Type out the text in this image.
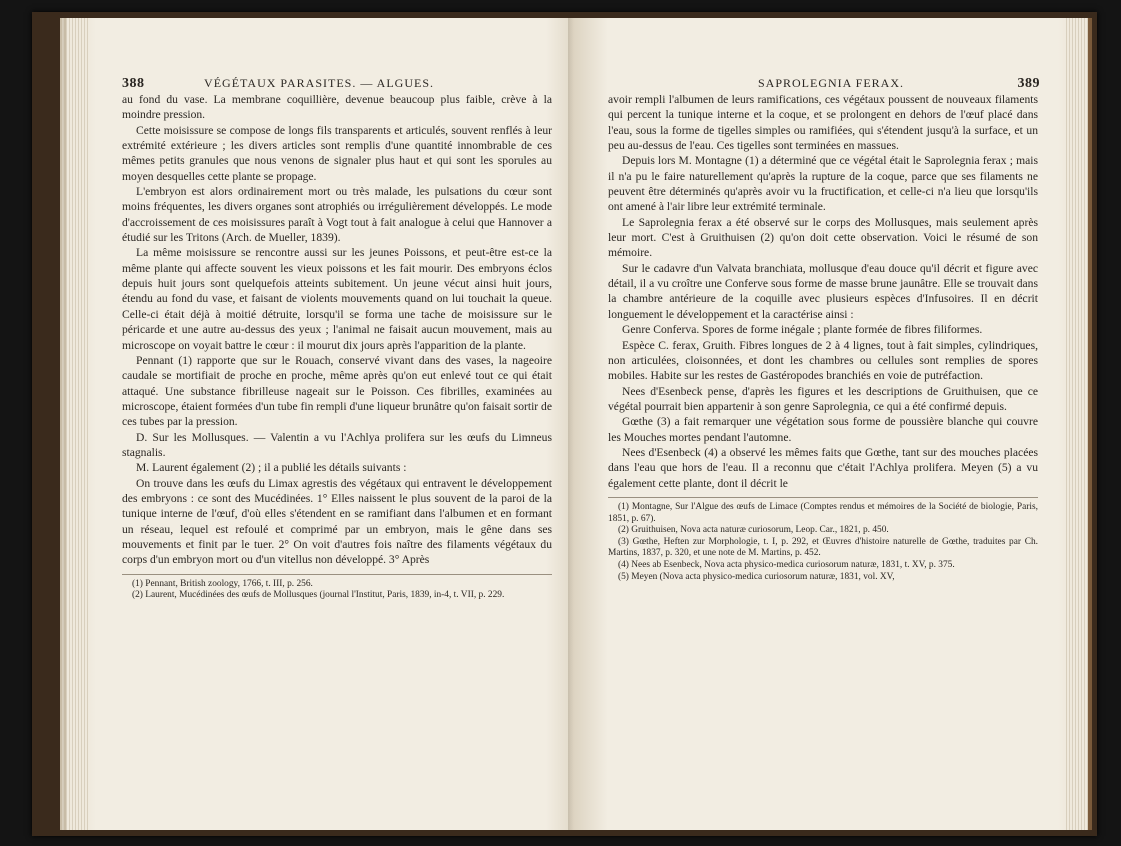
388	VÉGÉTAUX PARASITES. — ALGUES.

au fond du vase. La membrane coquillière, devenue beaucoup plus faible, crève à la moindre pression.

Cette moisissure se compose de longs fils transparents et articulés, souvent renflés à leur extrémité extérieure ; les divers articles sont remplis d'une quantité innombrable de ces mêmes petits granules que nous venons de signaler plus haut et qui sont les sporules au moyen desquelles cette plante se propage.

L'embryon est alors ordinairement mort ou très malade, les pulsations du cœur sont moins fréquentes, les divers organes sont atrophiés ou irrégulièrement développés. Le mode d'accroissement de ces moisissures paraît à Vogt tout à fait analogue à celui que Hannover a étudié sur les Tritons (Arch. de Mueller, 1839).

La même moisissure se rencontre aussi sur les jeunes Poissons, et peut-être est-ce la même plante qui affecte souvent les vieux poissons et les fait mourir. Des embryons éclos depuis huit jours sont quelquefois atteints subitement. Un jeune vécut ainsi huit jours, étendu au fond du vase, et faisant de violents mouvements quand on lui touchait la queue. Celle-ci était déjà à moitié détruite, lorsqu'il se forma une tache de moisissure sur le péricarde et une autre au-dessus des yeux ; l'animal ne faisait aucun mouvement, mais au microscope on voyait battre le cœur : il mourut dix jours après l'apparition de la plante.

Pennant (1) rapporte que sur le Rouach, conservé vivant dans des vases, la nageoire caudale se mortifiait de proche en proche, même après qu'on eut enlevé tout ce qui était attaqué. Une substance fibrilleuse nageait sur le Poisson. Ces fibrilles, examinées au microscope, étaient formées d'un tube fin rempli d'une liqueur brunâtre qu'on faisait sortir de ces tubes par la pression.

D. Sur les Mollusques. — Valentin a vu l'Achlya prolifera sur les œufs du Limneus stagnalis.

M. Laurent également (2) ; il a publié les détails suivants :

On trouve dans les œufs du Limax agrestis des végétaux qui entravent le développement des embryons : ce sont des Mucédinées. 1° Elles naissent le plus souvent de la paroi de la tunique interne de l'œuf, d'où elles s'étendent en se ramifiant dans l'albumen et en formant un réseau, lequel est refoulé et comprimé par un embryon, mais le gêne dans ses mouvements et finit par le tuer. 2° On voit d'autres fois naître des filaments végétaux du corps d'un embryon mort ou d'un vitellus non développé. 3° Après

(1) Pennant, British zoology, 1766, t. III, p. 256.
(2) Laurent, Mucédinées des œufs de Mollusques (journal l'Institut, Paris, 1839, in-4, t. VII, p. 229.
SAPROLEGNIA FERAX.	389

avoir rempli l'albumen de leurs ramifications, ces végétaux poussent de nouveaux filaments qui percent la tunique interne et la coque, et se prolongent en dehors de l'œuf placé dans l'eau, sous la forme de tigelles simples ou ramifiées, qui s'étendent jusqu'à la surface, et un peu au-dessus de l'eau. Ces tigelles sont terminées en massues.

Depuis lors M. Montagne (1) a déterminé que ce végétal était le Saprolegnia ferax ; mais il n'a pu le faire naturellement qu'après la rupture de la coque, parce que ses filaments ne peuvent être déterminés qu'après avoir vu la fructification, et celle-ci n'a lieu que lorsqu'ils ont amené à l'air libre leur extrémité terminale.

Le Saprolegnia ferax a été observé sur le corps des Mollusques, mais seulement après leur mort. C'est à Gruithuisen (2) qu'on doit cette observation. Voici le résumé de son mémoire.

Sur le cadavre d'un Valvata branchiata, mollusque d'eau douce qu'il décrit et figure avec détail, il a vu croître une Conferve sous forme de masse brune jaunâtre. Elle se trouvait dans la chambre antérieure de la coquille avec plusieurs espèces d'Infusoires. Il en décrit longuement le développement et la caractérise ainsi :

Genre Conferva. Spores de forme inégale ; plante formée de fibres filiformes.

Espèce C. ferax, Gruith. Fibres longues de 2 à 4 lignes, tout à fait simples, cylindriques, non articulées, cloisonnées, et dont les chambres ou cellules sont remplies de spores mobiles. Habite sur les restes de Gastéropodes branchiés en voie de putréfaction.

Nees d'Esenbeck pense, d'après les figures et les descriptions de Gruithuisen, que ce végétal pourrait bien appartenir à son genre Saprolegnia, ce qui a été confirmé depuis.

Gœthe (3) a fait remarquer une végétation sous forme de poussière blanche qui couvre les Mouches mortes pendant l'automne.

Nees d'Esenbeck (4) a observé les mêmes faits que Gœthe, tant sur des mouches placées dans l'eau que hors de l'eau. Il a reconnu que c'était l'Achlya prolifera. Meyen (5) a vu également cette plante, dont il décrit le

(1) Montagne, Sur l'Algue des œufs de Limace (Comptes rendus et mémoires de la Société de biologie, Paris, 1851, p. 67).
(2) Gruithuisen, Nova acta naturæ curiosorum, Leop. Car., 1821, p. 450.
(3) Gœthe, Heften zur Morphologie, t. I, p. 292, et Œuvres d'histoire naturelle de Gœthe, traduites par Ch. Martins, 1837, p. 320, et une note de M. Martins, p. 452.
(4) Nees ab Esenbeck, Nova acta physico-medica curiosorum naturæ, 1831, t. XV, p. 375.
(5) Meyen (Nova acta physico-medica curiosorum naturæ, 1831, vol. XV,
